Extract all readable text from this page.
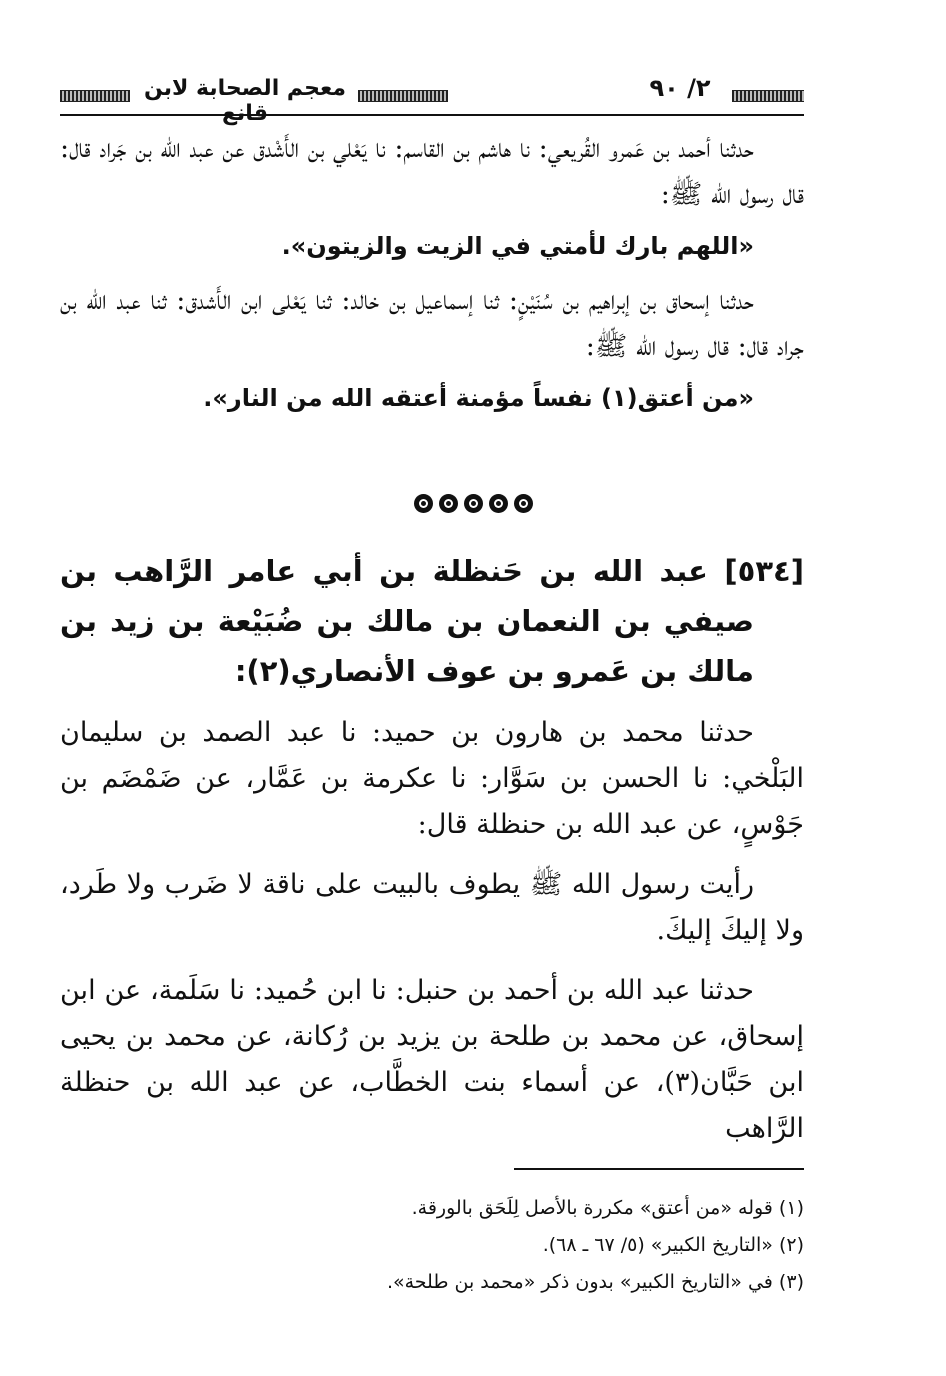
معجم الصحابة لابن قانع
٢/ ٩٠

حدثنا أحمد بن عَمرو القُريعي: نا هاشم بن القاسم: نا يَعْلي بن الأَشْدق عن عبد الله بن جَراد قال: قال رسول الله ﷺ:

«اللهم بارك لأمتي في الزيت والزيتون».

حدثنا إسحاق بن إبراهيم بن سُنَيْنٍ: ثنا إسماعيل بن خالد: ثنا يَعْلى ابن الأَشدق: ثنا عبد الله بن جراد قال: قال رسول الله ﷺ:

«من أعتق(١) نفساً مؤمنة أعتقه الله من النار».

[٥٣٤] عبد الله بن حَنظلة بن أبي عامر الرَّاهب بن صيفي بن النعمان بن مالك بن ضُبَيْعة بن زيد بن مالك بن عَمرو بن عوف الأنصاري(٢):

حدثنا محمد بن هارون بن حميد: نا عبد الصمد بن سليمان البَلْخي: نا الحسن بن سَوَّار: نا عكرمة بن عَمَّار، عن ضَمْضَم بن جَوْسٍ، عن عبد الله بن حنظلة قال:

رأيت رسول الله ﷺ يطوف بالبيت على ناقة لا ضَرب ولا طَرد، ولا إليكَ إليكَ.

حدثنا عبد الله بن أحمد بن حنبل: نا ابن حُميد: نا سَلَمة، عن ابن إسحاق، عن محمد بن طلحة بن يزيد بن رُكانة، عن محمد بن يحيى ابن حَبَّان(٣)، عن أسماء بنت الخطَّاب، عن عبد الله بن حنظلة الرَّاهب

(١) قوله «من أعتق» مكررة بالأصل لِلَحَق بالورقة.

(٢) «التاريخ الكبير» (٥/ ٦٧ ـ ٦٨).

(٣) في «التاريخ الكبير» بدون ذكر «محمد بن طلحة».
